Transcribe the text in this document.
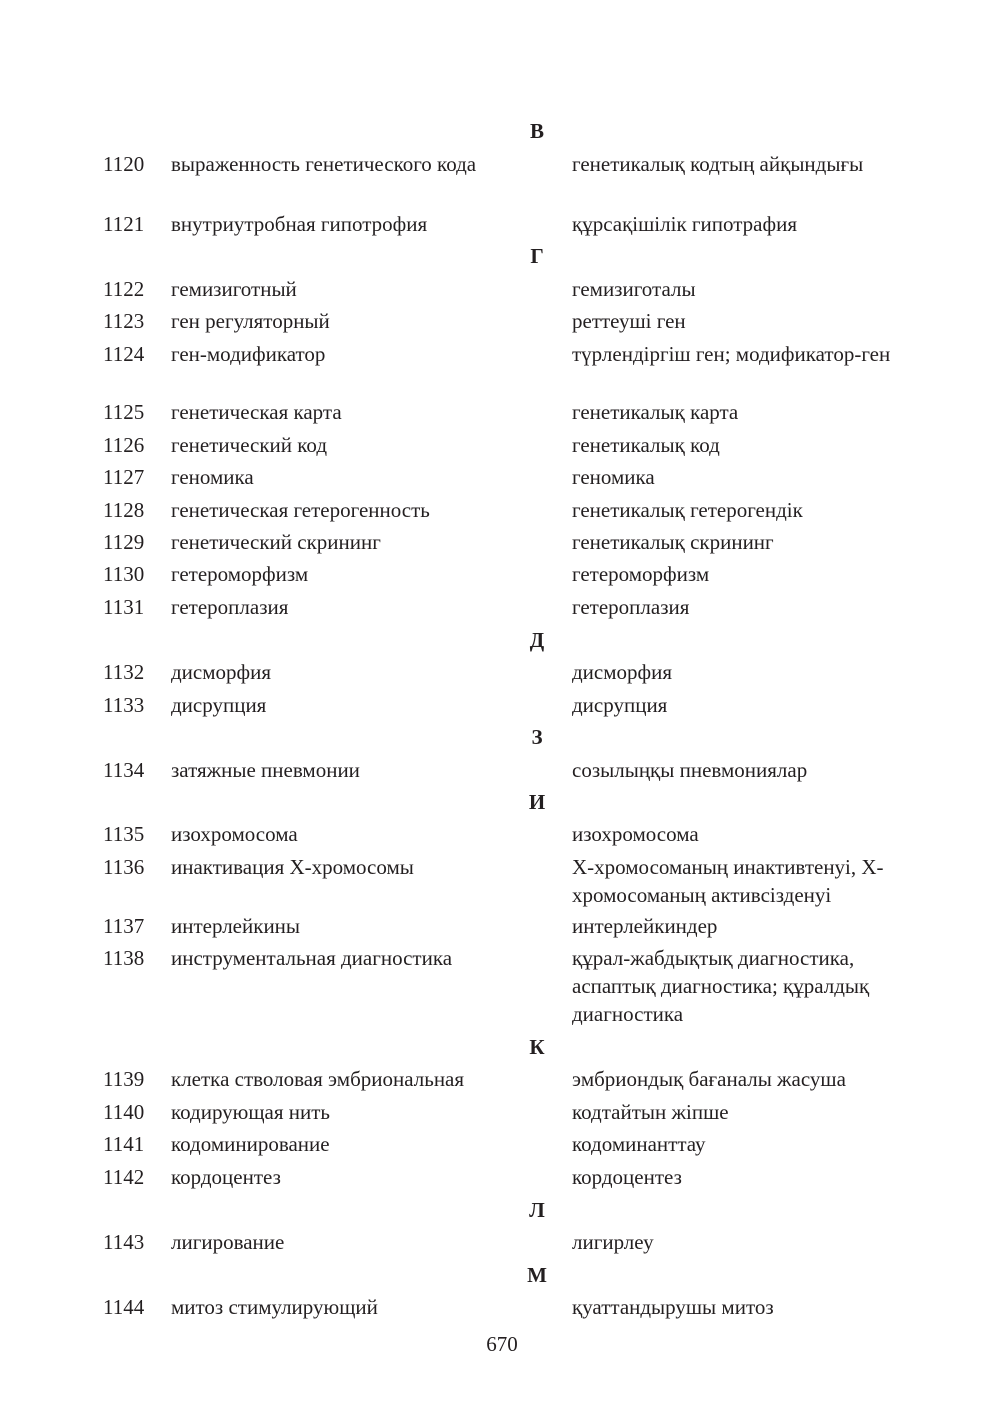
В
1120 выраженность генетического кода	генетикалық кодтың айқындығы
1121 внутриутробная гипотрофия	құрсақішілік гипотрафия
Г
1122 гемизиготный	гемизиготалы
1123 ген регуляторный	реттеуші ген
1124 ген-модификатор	түрлендіргіш ген; модификатор-ген
1125 генетическая карта	генетикалық карта
1126 генетический код	генетикалық код
1127 геномика	геномика
1128 генетическая гетерогенность	генетикалық гетерогендік
1129 генетический скрининг	генетикалық скрининг
1130 гетероморфизм	гетероморфизм
1131 гетероплазия	гетероплазия
Д
1132 дисморфия	дисморфия
1133 дисрупция	дисрупция
З
1134 затяжные пневмонии	созылыңқы пневмониялар
И
1135 изохромосома	изохромосома
1136 инактивация Х-хромосомы	Х-хромосоманың инактивтенуі, Х-хромосоманың активсізденуі
1137 интерлейкины	интерлейкиндер
1138 инструментальная диагностика	құрал-жабдықтық диагностика, аспаптық диагностика; құралдық диагностика
К
1139 клетка стволовая эмбриональная	эмбриондық бағаналы жасуша
1140 кодирующая нить	кодтайтын жіпше
1141 кодоминирование	кодоминанттау
1142 кордоцентез	кордоцентез
Л
1143 лигирование	лигирлеу
М
1144 митоз стимулирующий	қуаттандырушы митоз
670
